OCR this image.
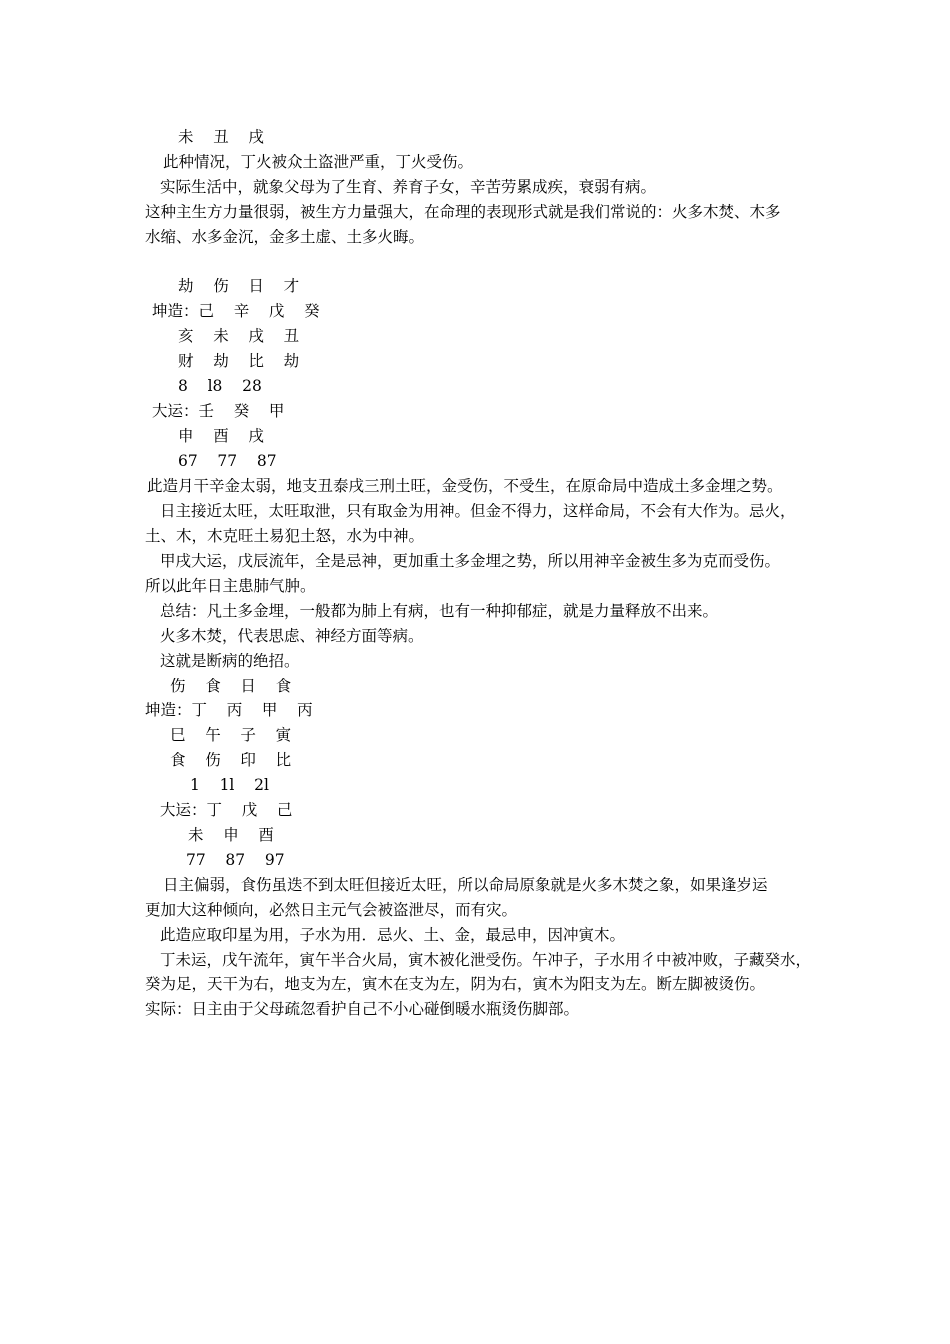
未    丑    戌
此种情况，丁火被众土盗泄严重，丁火受伤。
实际生活中，就象父母为了生育、养育子女，辛苦劳累成疾，衰弱有病。
这种主生方力量很弱，被生方力量强大，在命理的表现形式就是我们常说的：火多木焚、木多
水缩、水多金沉，金多土虚、土多火晦。
劫    伤    日    才
坤造：己    辛    戊    癸
亥    未    戌    丑
财    劫    比    劫
8    l8    28
大运：壬    癸    甲
申    酉    戌
67    77    87
此造月干辛金太弱，地支丑泰戌三刑土旺，金受伤，不受生，在原命局中造成土多金埋之势。
日主接近太旺，太旺取泄，只有取金为用神。但金不得力，这样命局，不会有大作为。忌火，
土、木，木克旺土易犯土怒，水为中神。
甲戌大运，戊辰流年，全是忌神，更加重土多金埋之势，所以用神辛金被生多为克而受伤。
所以此年日主患肺气肿。
总结：凡土多金埋，一般都为肺上有病，也有一种抑郁症，就是力量释放不出来。
火多木焚，代表思虑、神经方面等病。
这就是断病的绝招。
伤    食    日    食
坤造：丁    丙    甲    丙
巳    午    子    寅
食    伤    印    比
1    1l    2l
大运：丁    戊    己
未    申    酉
77    87    97
日主偏弱，食伤虽迭不到太旺但接近太旺，所以命局原象就是火多木焚之象，如果逢岁运
更加大这种倾向，必然日主元气会被盗泄尽，而有灾。
此造应取印星为用，子水为用．忌火、土、金，最忌申，因冲寅木。
丁未运，戊午流年，寅午半合火局，寅木被化泄受伤。午冲子，子水用彳中被冲败，子藏癸水，
癸为足，天干为右，地支为左，寅木在支为左，阴为右，寅木为阳支为左。断左脚被烫伤。
实际：日主由于父母疏忽看护自己不小心碰倒暖水瓶烫伤脚部。
